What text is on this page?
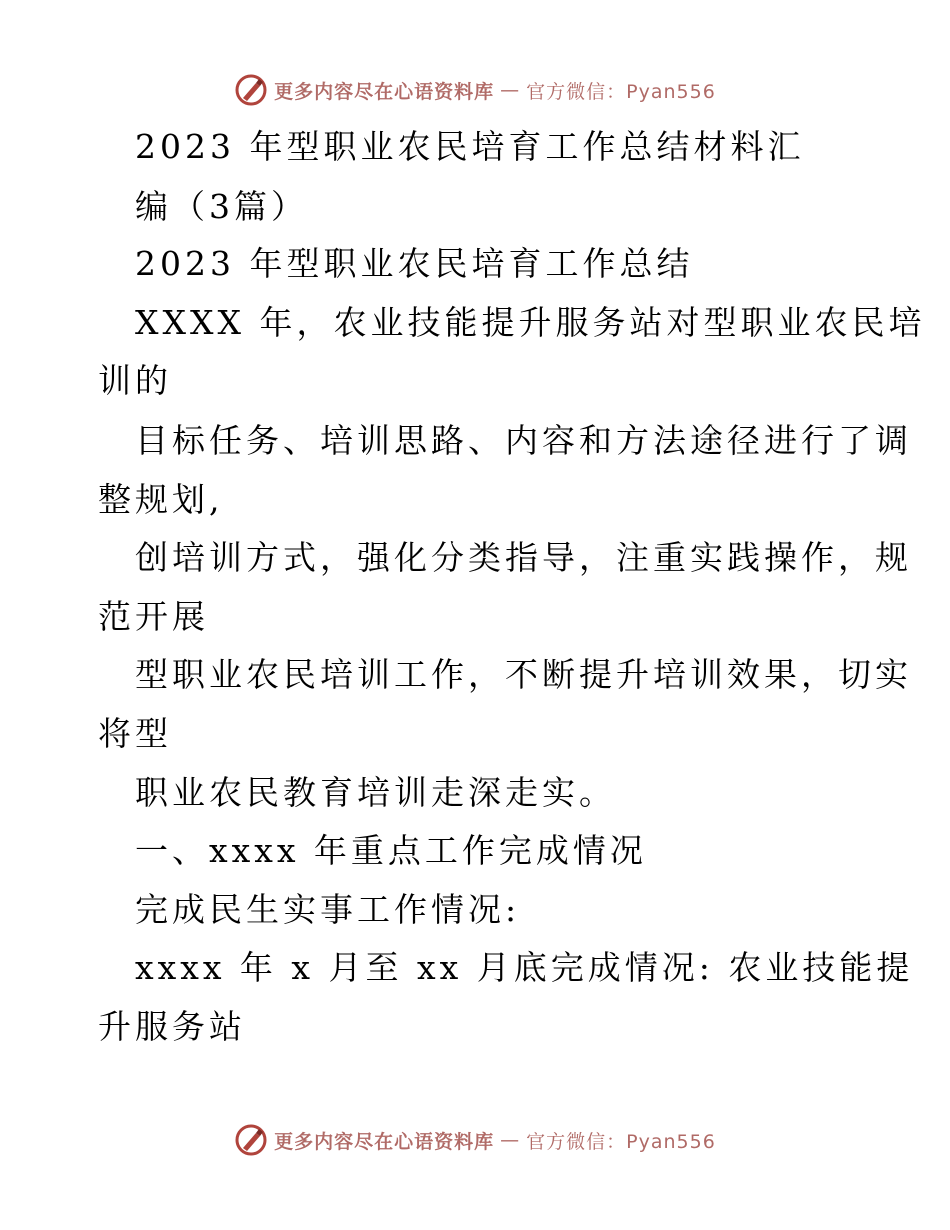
更多内容尽在心语资料库 — 官方微信：Pyan556
2023 年型职业农民培育工作总结材料汇
编（3篇）
2023 年型职业农民培育工作总结
XXXX 年，农业技能提升服务站对型职业农民培
训的
目标任务、培训思路、内容和方法途径进行了调
整规划,
创培训方式，强化分类指导，注重实践操作，规
范开展
型职业农民培训工作，不断提升培训效果，切实
将型
职业农民教育培训走深走实。
一、xxxx 年重点工作完成情况
完成民生实事工作情况:
xxxx 年 x 月至 xx 月底完成情况: 农业技能提
升服务站
更多内容尽在心语资料库 — 官方微信：Pyan556
